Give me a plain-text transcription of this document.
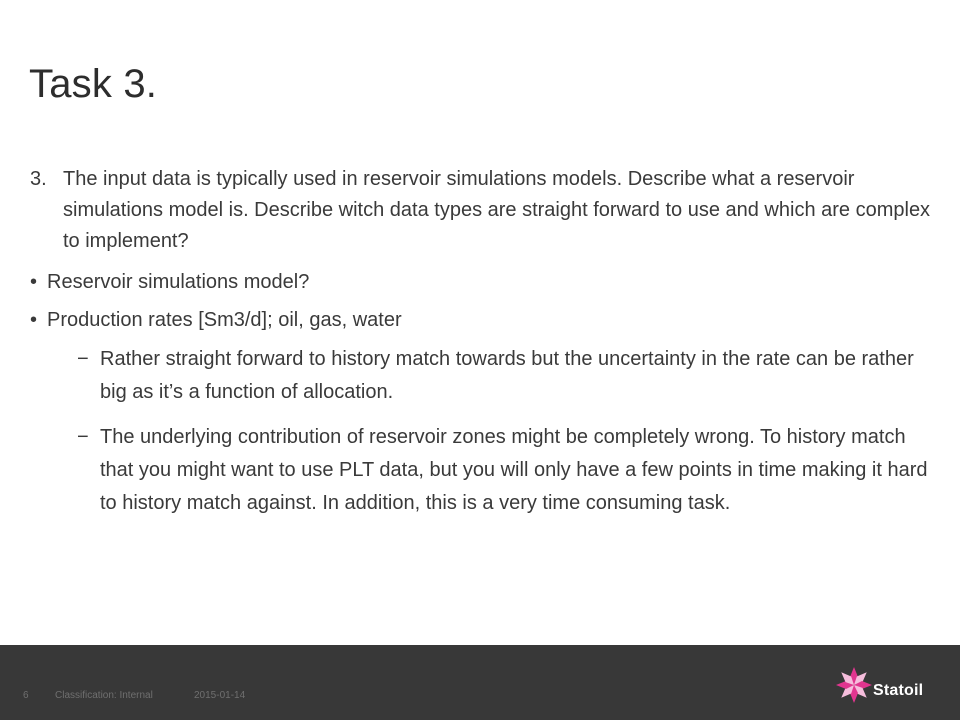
Task 3.
3. The input data is typically used in reservoir simulations models. Describe what a reservoir simulations model is. Describe witch data types are straight forward to use and which are complex to implement?
• Reservoir simulations model?
• Production rates [Sm3/d]; oil, gas, water
− Rather straight forward to history match towards but the uncertainty in the rate can be rather big as it’s a function of allocation.
− The underlying contribution of reservoir zones might be completely wrong. To history match that you might want to use PLT data, but you will only have a few points in time making it hard to history match against. In addition, this is a very time consuming task.
6	Classification: Internal	2015-01-14	Statoil
